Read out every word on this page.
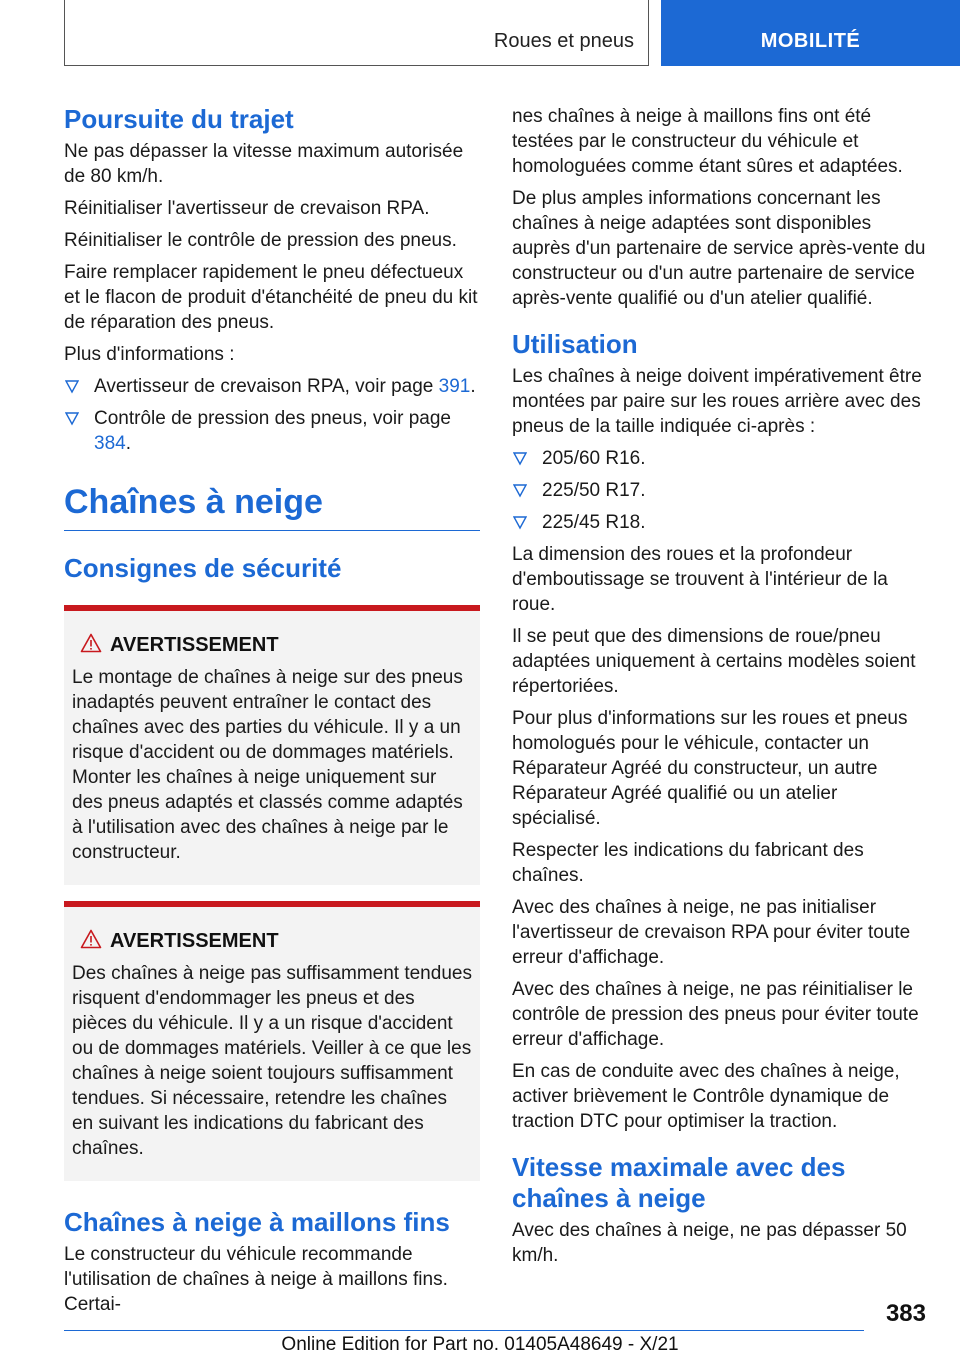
Roues et pneus	MOBILITÉ
Poursuite du trajet

Ne pas dépasser la vitesse maximum autorisée de 80 km/h.

Réinitialiser l'avertisseur de crevaison RPA.

Réinitialiser le contrôle de pression des pneus.

Faire remplacer rapidement le pneu défectueux et le flacon de produit d'étanchéité de pneu du kit de réparation des pneus.

Plus d'informations :

Avertisseur de crevaison RPA, voir page 391.
Contrôle de pression des pneus, voir page 384.
Chaînes à neige
Consignes de sécurité
AVERTISSEMENT

Le montage de chaînes à neige sur des pneus inadaptés peuvent entraîner le contact des chaînes avec des parties du véhicule. Il y a un risque d'accident ou de dommages matériels. Monter les chaînes à neige uniquement sur des pneus adaptés et classés comme adaptés à l'utilisation avec des chaînes à neige par le constructeur.

AVERTISSEMENT

Des chaînes à neige pas suffisamment tendues risquent d'endommager les pneus et des pièces du véhicule. Il y a un risque d'accident ou de dommages matériels. Veiller à ce que les chaînes à neige soient toujours suffisamment tendues. Si nécessaire, retendre les chaînes en suivant les indications du fabricant des chaînes.

Chaînes à neige à maillons fins

Le constructeur du véhicule recommande l'utilisation de chaînes à neige à maillons fins. Certai-

nes chaînes à neige à maillons fins ont été testées par le constructeur du véhicule et homologuées comme étant sûres et adaptées.

De plus amples informations concernant les chaînes à neige adaptées sont disponibles auprès d'un partenaire de service après-vente du constructeur ou d'un autre partenaire de service après-vente qualifié ou d'un atelier qualifié.

Utilisation

Les chaînes à neige doivent impérativement être montées par paire sur les roues arrière avec des pneus de la taille indiquée ci-après :

205/60 R16.
225/50 R17.
225/45 R18.

La dimension des roues et la profondeur d'emboutissage se trouvent à l'intérieur de la roue.

Il se peut que des dimensions de roue/pneu adaptées uniquement à certains modèles soient répertoriées.

Pour plus d'informations sur les roues et pneus homologués pour le véhicule, contacter un Réparateur Agréé du constructeur, un autre Réparateur Agréé qualifié ou un atelier spécialisé.

Respecter les indications du fabricant des chaînes.

Avec des chaînes à neige, ne pas initialiser l'avertisseur de crevaison RPA pour éviter toute erreur d'affichage.

Avec des chaînes à neige, ne pas réinitialiser le contrôle de pression des pneus pour éviter toute erreur d'affichage.

En cas de conduite avec des chaînes à neige, activer brièvement le Contrôle dynamique de traction DTC pour optimiser la traction.

Vitesse maximale avec des chaînes à neige

Avec des chaînes à neige, ne pas dépasser 50 km/h.

383
Online Edition for Part no. 01405A48649 - X/21
